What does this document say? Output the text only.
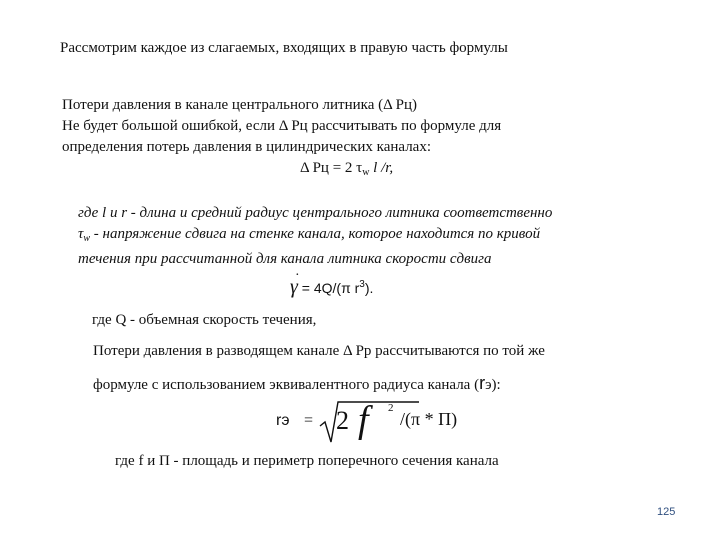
Рассмотрим каждое из слагаемых, входящих в правую часть формулы
Потери давления в канале центрального литника (Δ Рц)
Не будет большой ошибкой, если Δ Рц рассчитывать по формуле для
определения потерь давления в цилиндрических каналах:
Δ Рц = 2 $\tau_w$ l /r,
где l и r - длина и средний радиус центрального литника соответственно
$\tau_w$ - напряжение сдвига на стенке канала, которое находится по кривой
течения при рассчитанной для канала литника скорости сдвига
γ
·
= 4Q/(π $r^3$).
где Q - объемная скорость течения,
Потери давления в разводящем канале Δ Рр рассчитываются по той же
формуле с использованием эквивалентного радиуса канала (rэ):
rэ = 2 f 2
/(π * П)
где f и П - площадь и периметр поперечного сечения канала
125
